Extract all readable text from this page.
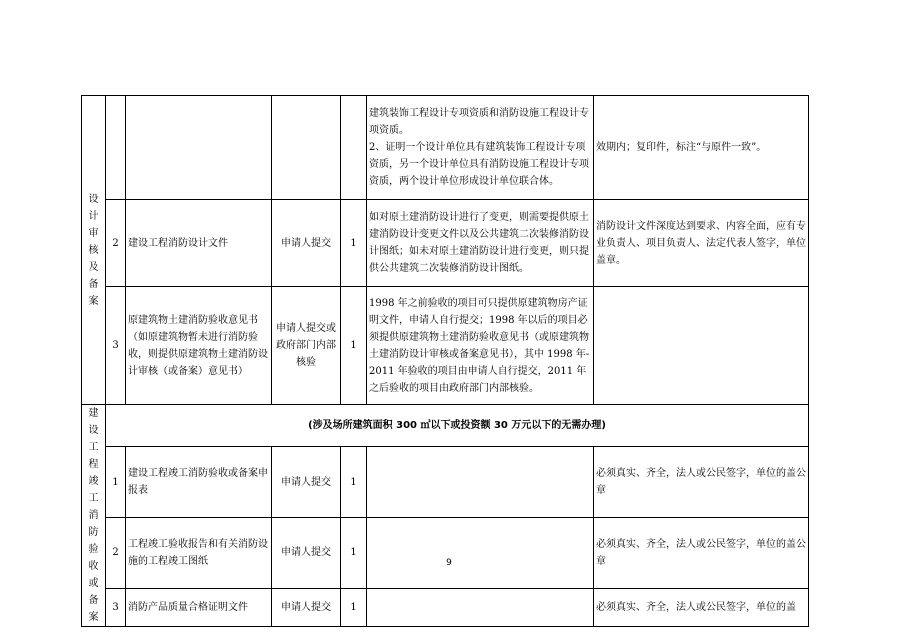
设计审核及备案					建筑装饰工程设计专项资质和消防设施工程设计专项资质。
2、证明一个设计单位具有建筑装饰工程设计专项资质，另一个设计单位具有消防设施工程设计专项资质，两个设计单位形成设计单位联合体。	效期内；复印件，标注“与原件一致”。
	2	建设工程消防设计文件	申请人提交	1	如对原土建消防设计进行了变更，则需要提供原土建消防设计变更文件以及公共建筑二次装修消防设计图纸；如未对原土建消防设计进行变更，则只提供公共建筑二次装修消防设计图纸。	消防设计文件深度达到要求、内容全面，应有专业负责人、项目负责人、法定代表人签字，单位盖章。
	3	原建筑物土建消防验收意见书（如原建筑物暂未进行消防验收，则提供原建筑物土建消防设计审核（或备案）意见书）	申请人提交或政府部门内部核验	1	1998 年之前验收的项目可只提供原建筑物房产证明文件，申请人自行提交；1998 年以后的项目必须提供原建筑物土建消防验收意见书（或原建筑物土建消防设计审核或备案意见书），其中 1998 年-2011 年验收的项目由申请人自行提交，2011 年之后验收的项目由政府部门内部核验。	
建设工程竣工消防验收或备案	(涉及场所建筑面积 300 ㎡以下或投资额 30 万元以下的无需办理)					
	1	建设工程竣工消防验收或备案申报表	申请人提交	1		必须真实、齐全，法人或公民签字，单位的盖公章
	2	工程竣工验收报告和有关消防设施的工程竣工图纸	申请人提交	1		必须真实、齐全，法人或公民签字，单位的盖公章
	3	消防产品质量合格证明文件	申请人提交	1		必须真实、齐全，法人或公民签字，单位的盖
9
